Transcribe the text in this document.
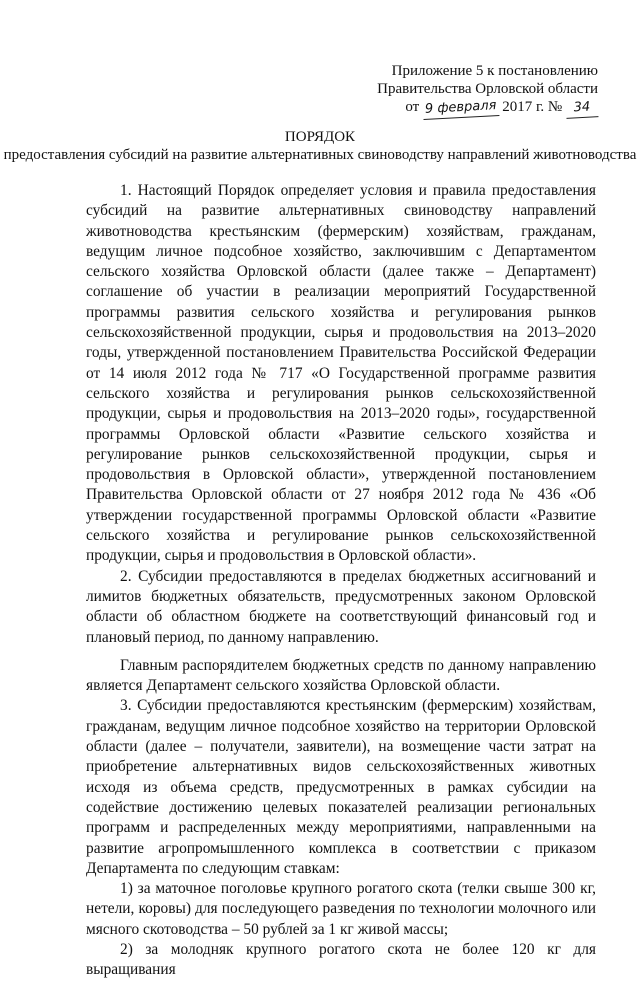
Приложение 5 к постановлению
Правительства Орловской области
от 9 февраля 2017 г. № 34
ПОРЯДОК
предоставления субсидий на развитие альтернативных свиноводству направлений животноводства

1. Настоящий Порядок определяет условия и правила предоставления субсидий на развитие альтернативных свиноводству направлений животноводства крестьянским (фермерским) хозяйствам, гражданам, ведущим личное подсобное хозяйство, заключившим с Департаментом сельского хозяйства Орловской области (далее также – Департамент) соглашение об участии в реализации мероприятий Государственной программы развития сельского хозяйства и регулирования рынков сельскохозяйственной продукции, сырья и продовольствия на 2013–2020 годы, утвержденной постановлением Правительства Российской Федерации от 14 июля 2012 года № 717 «О Государственной программе развития сельского хозяйства и регулирования рынков сельскохозяйственной продукции, сырья и продовольствия на 2013–2020 годы», государственной программы Орловской области «Развитие сельского хозяйства и регулирование рынков сельскохозяйственной продукции, сырья и продовольствия в Орловской области», утвержденной постановлением Правительства Орловской области от 27 ноября 2012 года № 436 «Об утверждении государственной программы Орловской области «Развитие сельского хозяйства и регулирование рынков сельскохозяйственной продукции, сырья и продовольствия в Орловской области».

2. Субсидии предоставляются в пределах бюджетных ассигнований и лимитов бюджетных обязательств, предусмотренных законом Орловской области об областном бюджете на соответствующий финансовый год и плановый период, по данному направлению.

Главным распорядителем бюджетных средств по данному направлению является Департамент сельского хозяйства Орловской области.

3. Субсидии предоставляются крестьянским (фермерским) хозяйствам, гражданам, ведущим личное подсобное хозяйство на территории Орловской области (далее – получатели, заявители), на возмещение части затрат на приобретение альтернативных видов сельскохозяйственных животных исходя из объема средств, предусмотренных в рамках субсидии на содействие достижению целевых показателей реализации региональных программ и распределенных между мероприятиями, направленными на развитие агропромышленного комплекса в соответствии с приказом Департамента по следующим ставкам:

1) за маточное поголовье крупного рогатого скота (телки свыше 300 кг, нетели, коровы) для последующего разведения по технологии молочного или мясного скотоводства – 50 рублей за 1 кг живой массы;

2) за молодняк крупного рогатого скота не более 120 кг для выращивания
